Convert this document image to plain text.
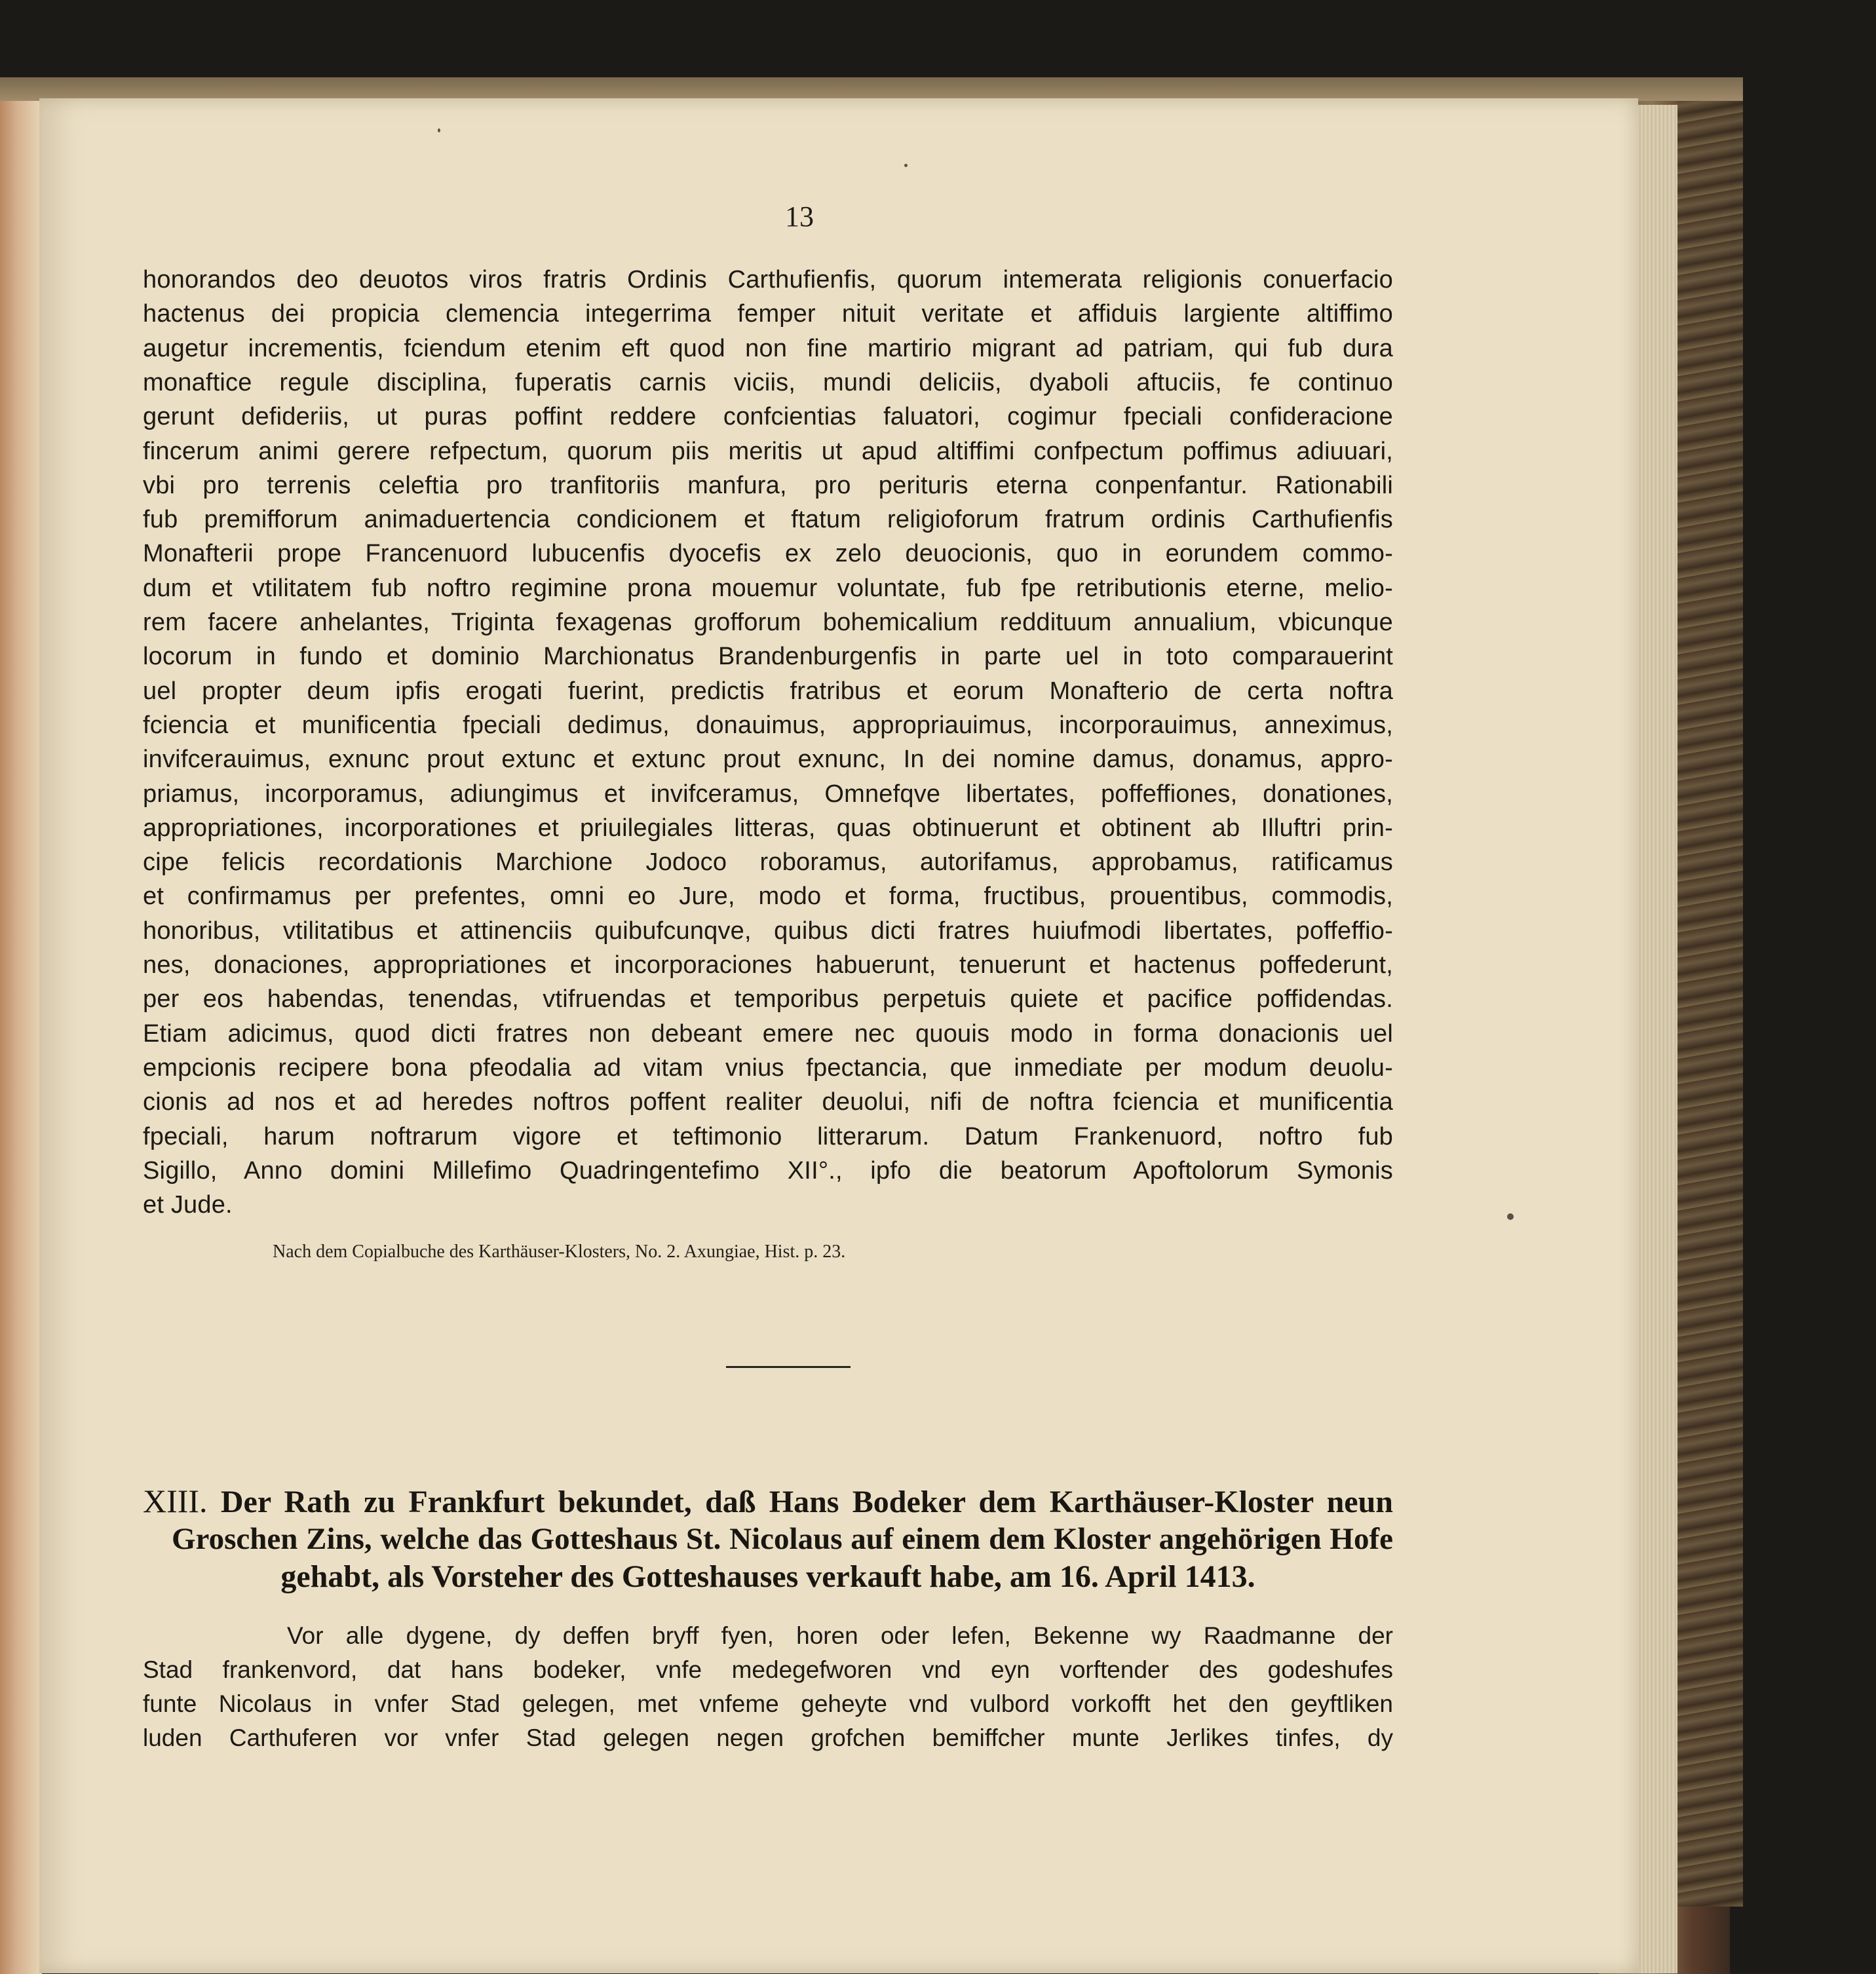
13
honorandos deo deuotos viros fratris Ordinis Carthufienfis, quorum intemerata religionis conuerfacio
hactenus dei propicia clemencia integerrima femper nituit veritate et affiduis largiente altiffimo
augetur incrementis, fciendum etenim eft quod non fine martirio migrant ad patriam, qui fub dura
monaftice regule disciplina, fuperatis carnis viciis, mundi deliciis, dyaboli aftuciis, fe continuo
gerunt defideriis, ut puras poffint reddere confcientias faluatori, cogimur fpeciali confideracione
fincerum animi gerere refpectum, quorum piis meritis ut apud altiffimi confpectum poffimus adiuuari,
vbi pro terrenis celeftia pro tranfitoriis manfura, pro perituris eterna conpenfantur. Rationabili
fub premifforum animaduertencia condicionem et ftatum religioforum fratrum ordinis Carthufienfis
Monafterii prope Francenuord lubucenfis dyocefis ex zelo deuocionis, quo in eorundem commo-
dum et vtilitatem fub noftro regimine prona mouemur voluntate, fub fpe retributionis eterne, melio-
rem facere anhelantes, Triginta fexagenas grofforum bohemicalium reddituum annualium, vbicunque
locorum in fundo et dominio Marchionatus Brandenburgenfis in parte uel in toto comparauerint
uel propter deum ipfis erogati fuerint, predictis fratribus et eorum Monafterio de certa noftra
fciencia et munificentia fpeciali dedimus, donauimus, appropriauimus, incorporauimus, anneximus,
invifcerauimus, exnunc prout extunc et extunc prout exnunc, In dei nomine damus, donamus, appro-
priamus, incorporamus, adiungimus et invifceramus, Omnefqve libertates, poffeffiones, donationes,
appropriationes, incorporationes et priuilegiales litteras, quas obtinuerunt et obtinent ab Illuftri prin-
cipe felicis recordationis Marchione Jodoco roboramus, autorifamus, approbamus, ratificamus
et confirmamus per prefentes, omni eo Jure, modo et forma, fructibus, prouentibus, commodis,
honoribus, vtilitatibus et attinenciis quibufcunqve, quibus dicti fratres huiufmodi libertates, poffeffio-
nes, donaciones, appropriationes et incorporaciones habuerunt, tenuerunt et hactenus poffederunt,
per eos habendas, tenendas, vtifruendas et temporibus perpetuis quiete et pacifice poffidendas.
Etiam adicimus, quod dicti fratres non debeant emere nec quouis modo in forma donacionis uel
empcionis recipere bona pfeodalia ad vitam vnius fpectancia, que inmediate per modum deuolu-
cionis ad nos et ad heredes noftros poffent realiter deuolui, nifi de noftra fciencia et munificentia
fpeciali, harum noftrarum vigore et teftimonio litterarum. Datum Frankenuord, noftro fub
Sigillo, Anno domini Millefimo Quadringentefimo XII°., ipfo die beatorum Apoftolorum Symonis
et Jude.
Nach dem Copialbuche des Karthäuser-Klosters, No. 2. Axungiae, Hist. p. 23.
XIII. Der Rath zu Frankfurt bekundet, daß Hans Bodeker dem Karthäuser-Kloster neun
Groschen Zins, welche das Gotteshaus St. Nicolaus auf einem dem Kloster angehörigen Hofe
gehabt, als Vorsteher des Gotteshauses verkauft habe, am 16. April 1413.
Vor alle dygene, dy deffen bryff fyen, horen oder lefen, Bekenne wy Raadmanne der
Stad frankenvord, dat hans bodeker, vnfe medegefworen vnd eyn vorftender des godeshufes
funte Nicolaus in vnfer Stad gelegen, met vnfeme geheyte vnd vulbord vorkofft het den geyftliken
luden Carthuferen vor vnfer Stad gelegen negen grofchen bemiffcher munte Jerlikes tinfes, dy
